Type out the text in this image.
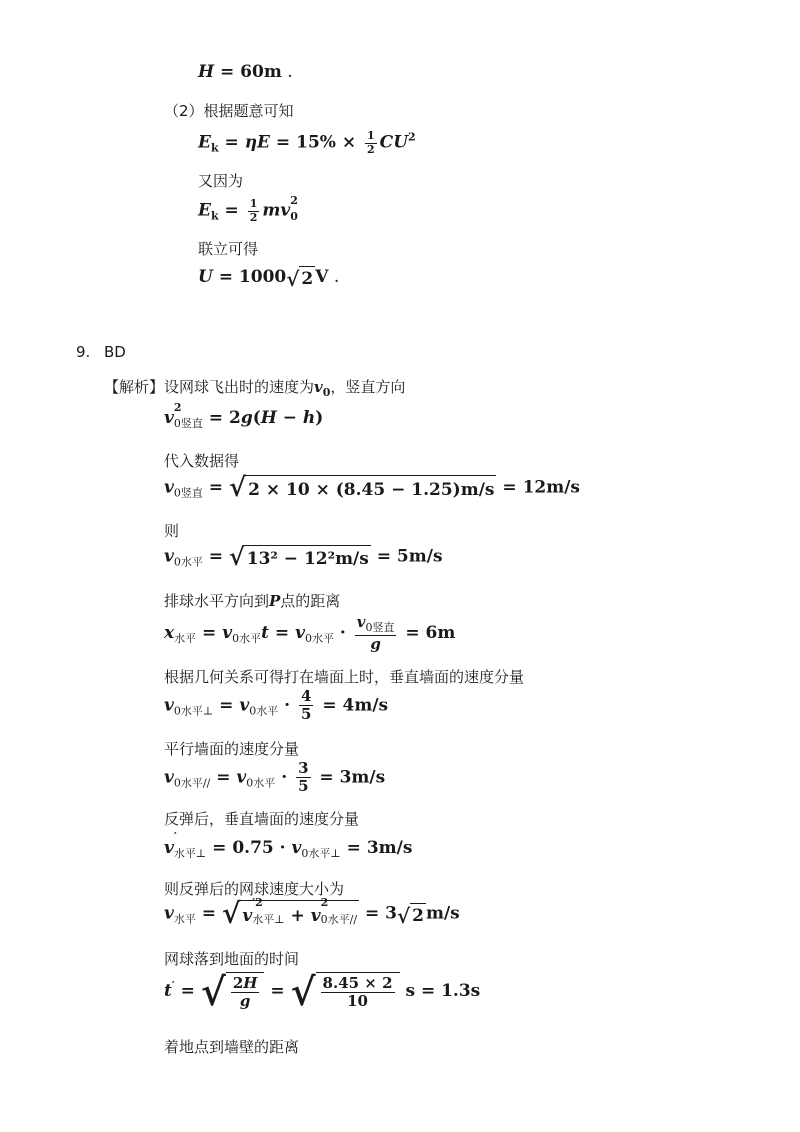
H = 60m .
（2）根据题意可知
$E_k = \eta E = 15\% \times \frac{1}{2} CU^2$
又因为
$E_k = \frac{1}{2}$ mv
2
$_0$
联立可得
U = 1000 √ 2 V .
9. BD
【解析】设网球飞出时的速度为$v_0$，竖直方向
v
2
$_{0竖直}$ = 2g(H − h)
代入数据得
$v_{0竖直}$ = √ 2 × 10 × (8.45 − 1.25) m/s = 12m/s
则
$v_{0水平}$ = √ 13² − 12² m/s = 5m/s
排球水平方向到P点的距离
$x_{水平} = v_{0水平}t = v_{0水平} \cdot \frac{v_{0竖直}}{g} = 6m$
根据几何关系可得打在墙面上时，垂直墙面的速度分量
$v_{0水平\perp} = v_{0水平} \cdot \frac{4}{5} = 4m/s$
平行墙面的速度分量
$v_{0水平//} = v_{0水平} \cdot \frac{3}{5} = 3m/s$
反弹后，垂直墙面的速度分量
v
′
$_{水平\perp} = 0.75 \cdot v_{0水平\perp} = 3m/s$
则反弹后的网球速度大小为
$v_{水平}$ = √ v
′2
$_{水平\perp}$ + v
2
$_{0水平//}$ = 3 √ 2 m/s
网球落到地面的时间
t′ = √ $\frac{2H}{g}$ = √ $\frac{8.45 \times 2}{10}$ s = 1.3s
着地点到墙壁的距离
